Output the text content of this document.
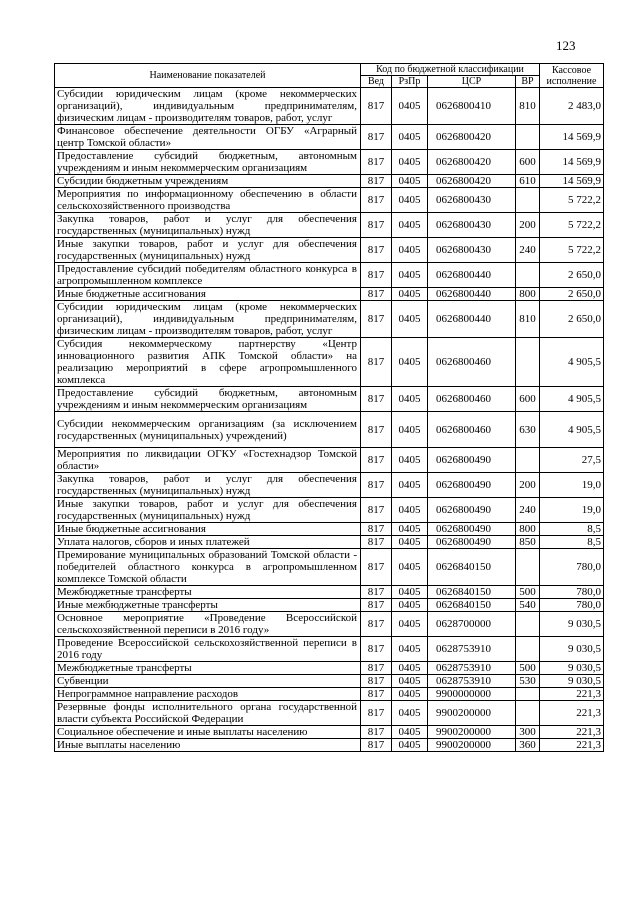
123
Наименование показателей	Код по бюджетной классификации				Кассовое исполнение
	Вед	РзПр	ЦСР	ВР	
Субсидии юридическим лицам (кроме некоммерческих организаций), индивидуальным предпринимателям, физическим лицам - производителям товаров, работ, услуг	817	0405	0626800410	810	2 483,0
Финансовое обеспечение деятельности ОГБУ «Аграрный центр Томской области»	817	0405	0626800420		14 569,9
Предоставление субсидий бюджетным, автономным учреждениям и иным некоммерческим организациям	817	0405	0626800420	600	14 569,9
Субсидии бюджетным учреждениям	817	0405	0626800420	610	14 569,9
Мероприятия по информационному обеспечению в области сельскохозяйственного производства	817	0405	0626800430		5 722,2
Закупка товаров, работ и услуг для обеспечения государственных (муниципальных) нужд	817	0405	0626800430	200	5 722,2
Иные закупки товаров, работ и услуг для обеспечения государственных (муниципальных) нужд	817	0405	0626800430	240	5 722,2
Предоставление субсидий победителям областного конкурса в агропромышленном комплексе	817	0405	0626800440		2 650,0
Иные бюджетные ассигнования	817	0405	0626800440	800	2 650,0
Субсидии юридическим лицам (кроме некоммерческих организаций), индивидуальным предпринимателям, физическим лицам - производителям товаров, работ, услуг	817	0405	0626800440	810	2 650,0
Субсидия некоммерческому партнерству «Центр инновационного развития АПК Томской области» на реализацию мероприятий в сфере агропромышленного комплекса	817	0405	0626800460		4 905,5
Предоставление субсидий бюджетным, автономным учреждениям и иным некоммерческим организациям	817	0405	0626800460	600	4 905,5
Субсидии некоммерческим организациям (за исключением государственных (муниципальных) учреждений)	817	0405	0626800460	630	4 905,5
Мероприятия по ликвидации ОГКУ «Гостехнадзор Томской области»	817	0405	0626800490		27,5
Закупка товаров, работ и услуг для обеспечения государственных (муниципальных) нужд	817	0405	0626800490	200	19,0
Иные закупки товаров, работ и услуг для обеспечения государственных (муниципальных) нужд	817	0405	0626800490	240	19,0
Иные бюджетные ассигнования	817	0405	0626800490	800	8,5
Уплата налогов, сборов и иных платежей	817	0405	0626800490	850	8,5
Премирование муниципальных образований Томской области - победителей областного конкурса в агропромышленном комплексе Томской области	817	0405	0626840150		780,0
Межбюджетные трансферты	817	0405	0626840150	500	780,0
Иные межбюджетные трансферты	817	0405	0626840150	540	780,0
Основное мероприятие «Проведение Всероссийской сельскохозяйственной переписи в 2016 году»	817	0405	0628700000		9 030,5
Проведение Всероссийской сельскохозяйственной переписи в 2016 году	817	0405	0628753910		9 030,5
Межбюджетные трансферты	817	0405	0628753910	500	9 030,5
Субвенции	817	0405	0628753910	530	9 030,5
Непрограммное направление расходов	817	0405	9900000000		221,3
Резервные фонды исполнительного органа государственной власти субъекта Российской Федерации	817	0405	9900200000		221,3
Социальное обеспечение и иные выплаты населению	817	0405	9900200000	300	221,3
Иные выплаты населению	817	0405	9900200000	360	221,3
